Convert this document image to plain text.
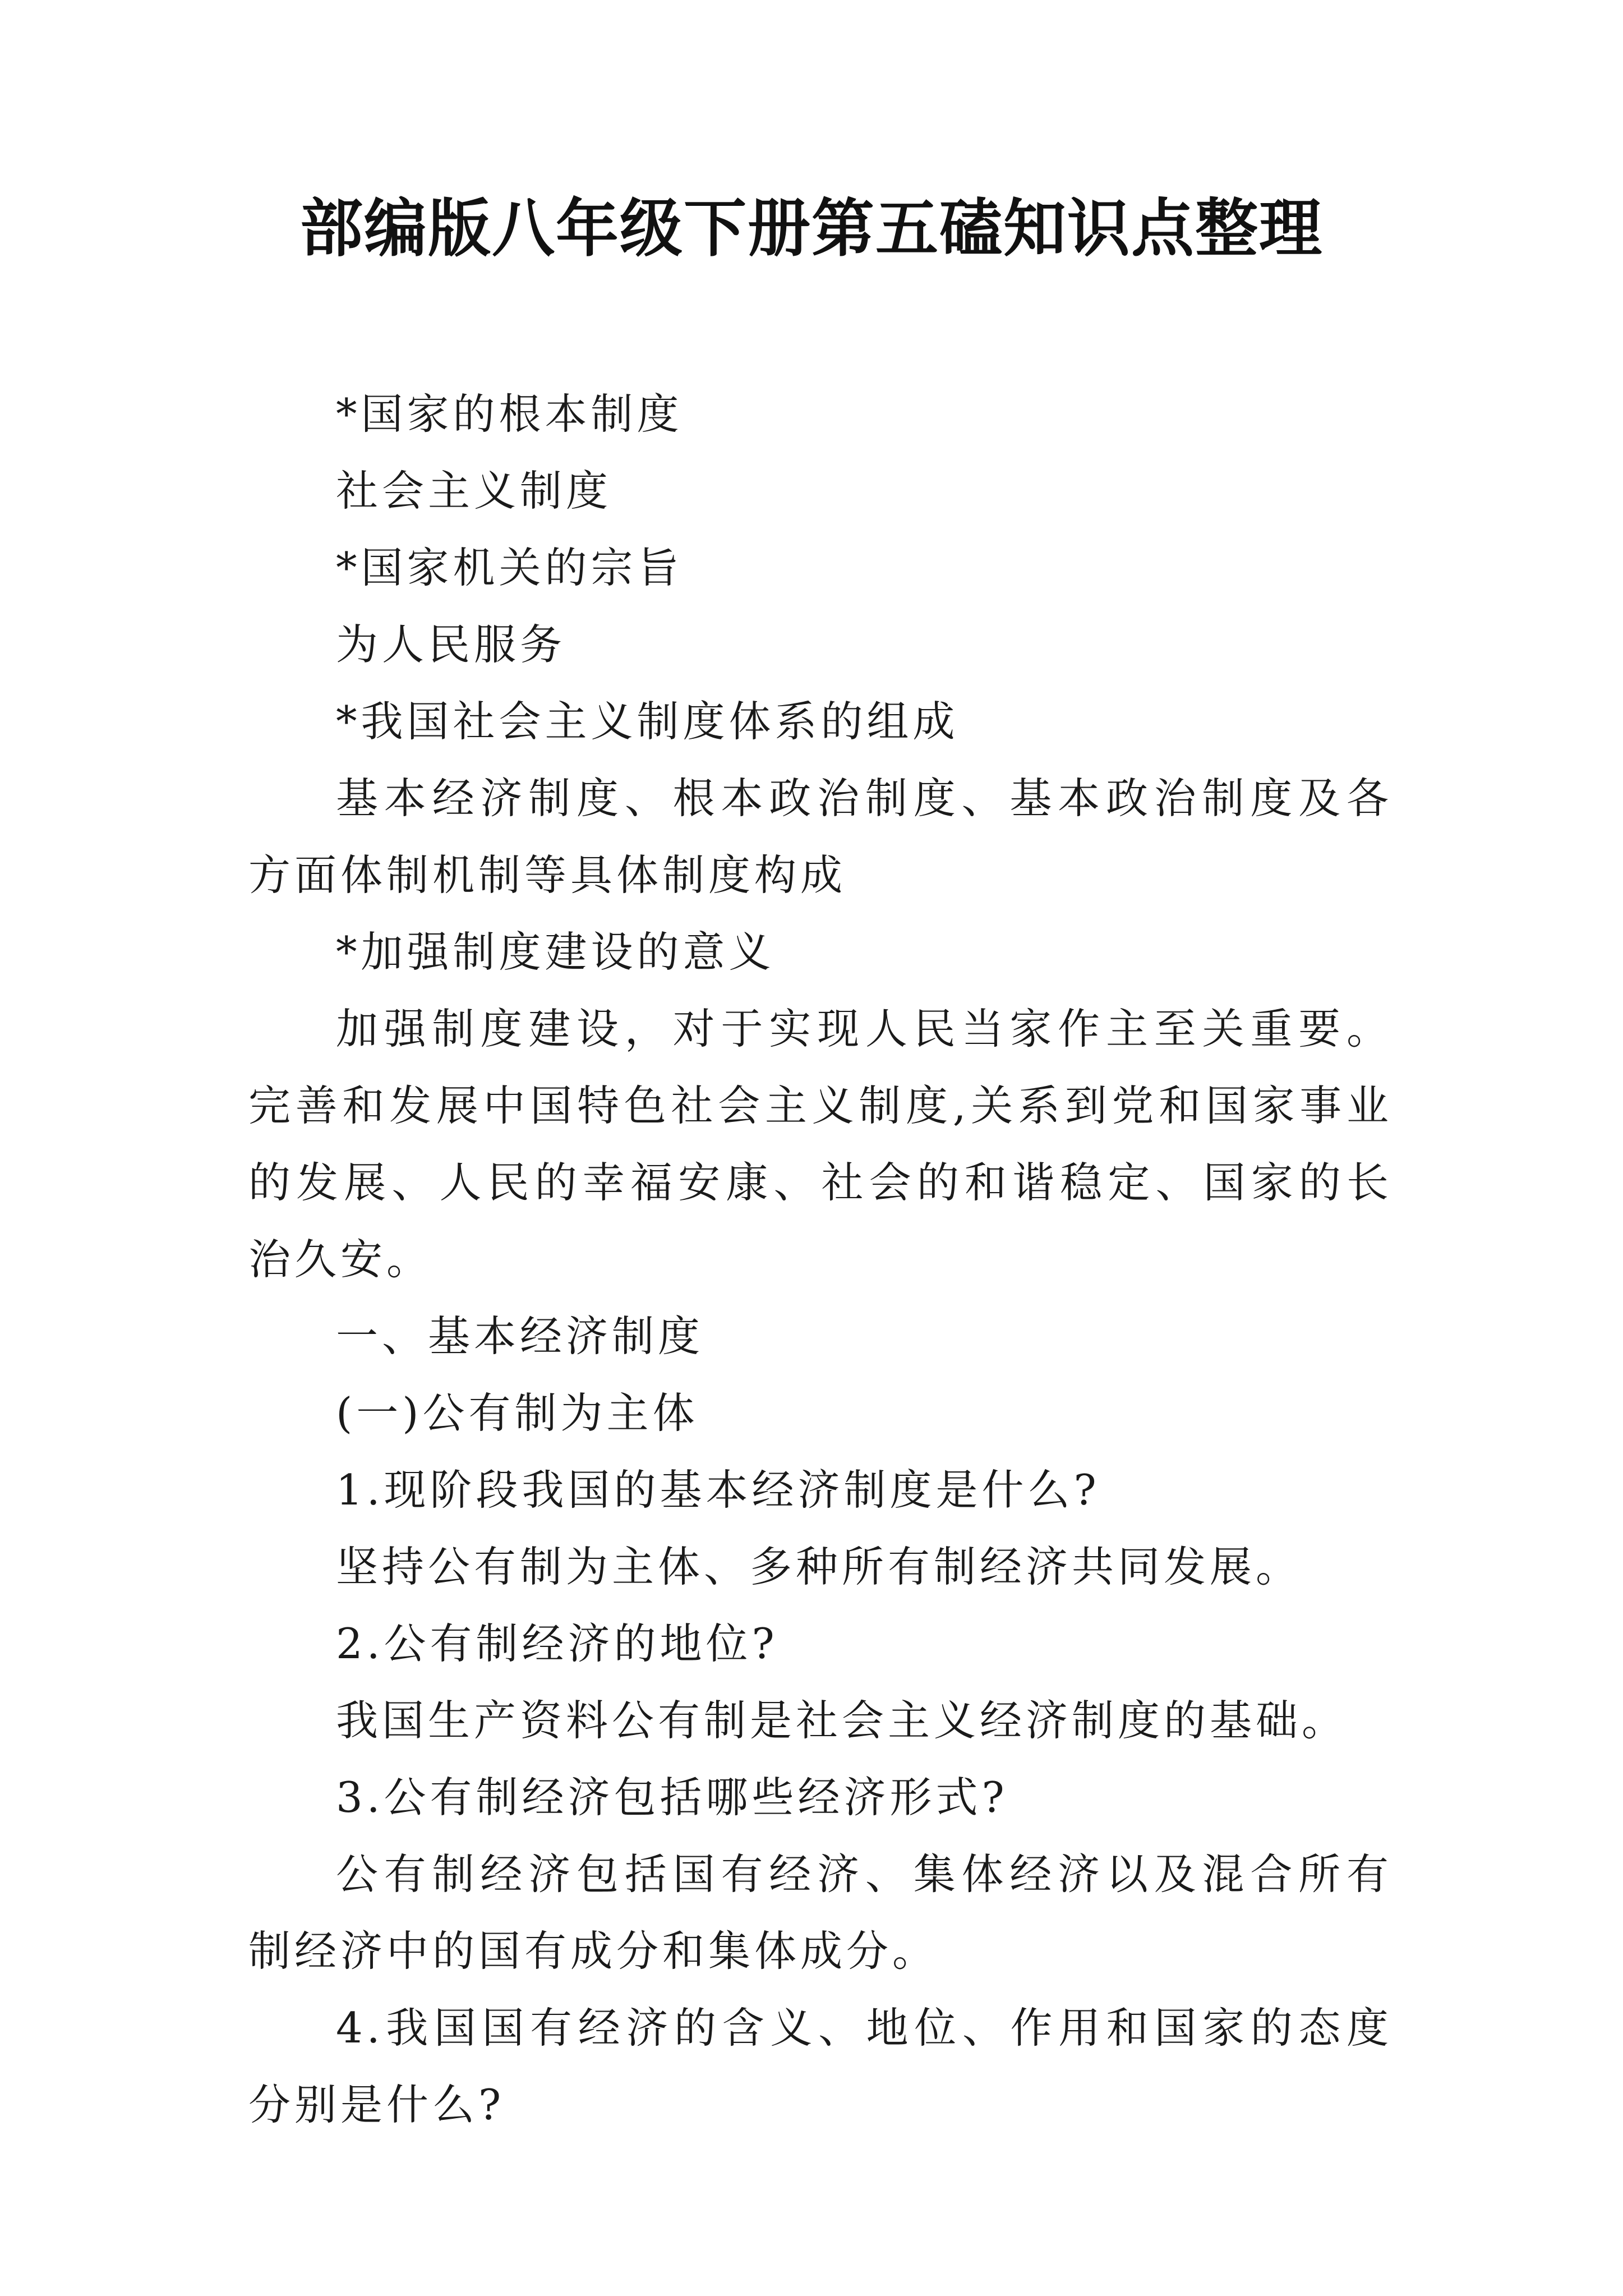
部编版八年级下册第五磕知识点整理

*国家的根本制度

社会主义制度

*国家机关的宗旨

为人民服务

*我国社会主义制度体系的组成

基本经济制度、根本政治制度、基本政治制度及各方面体制机制等具体制度构成

*加强制度建设的意义

加强制度建设，对于实现人民当家作主至关重要。完善和发展中国特色社会主义制度,关系到党和国家事业的发展、人民的幸福安康、社会的和谐稳定、国家的长治久安。

一、基本经济制度

(一)公有制为主体

1.现阶段我国的基本经济制度是什么?

坚持公有制为主体、多种所有制经济共同发展。

2.公有制经济的地位?

我国生产资料公有制是社会主义经济制度的基础。

3.公有制经济包括哪些经济形式?

公有制经济包括国有经济、集体经济以及混合所有制经济中的国有成分和集体成分。

4.我国国有经济的含义、地位、作用和国家的态度分别是什么?
